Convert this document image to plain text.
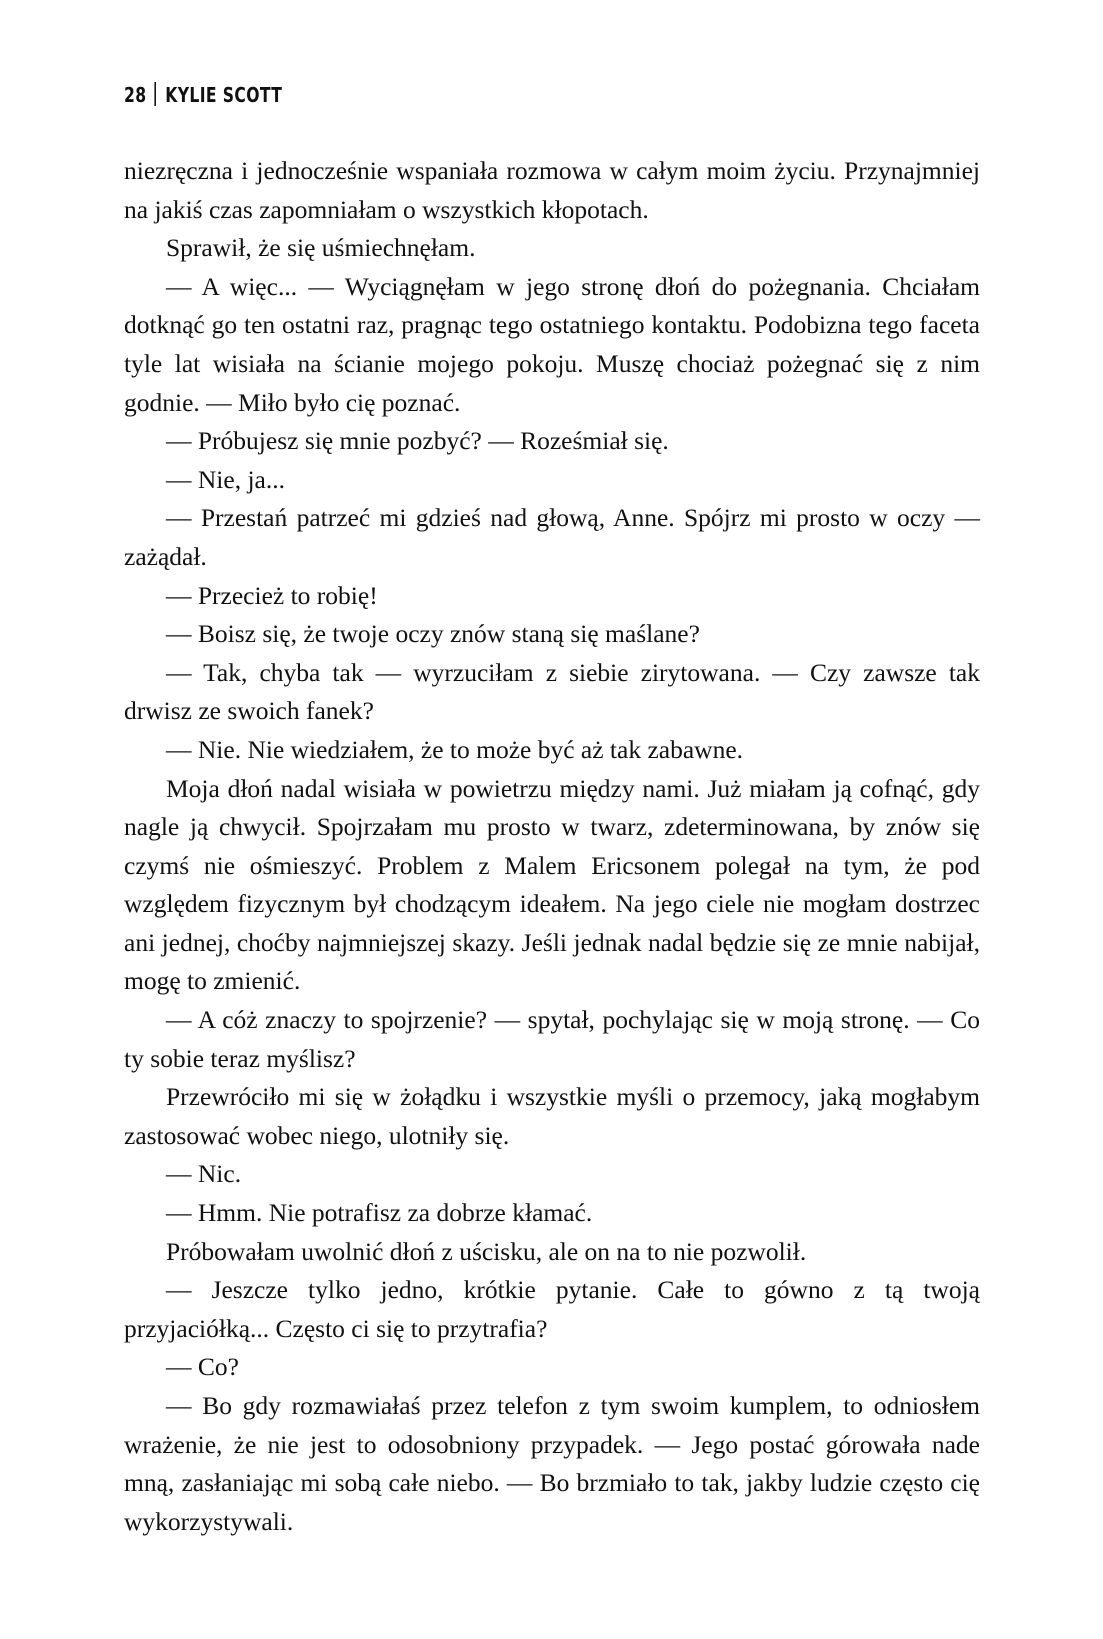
28 KYLIE SCOTT

niezręczna i jednocześnie wspaniała rozmowa w całym moim życiu. Przynajmniej na jakiś czas zapomniałam o wszystkich kłopotach.

Sprawił, że się uśmiechnęłam.

— A więc... — Wyciągnęłam w jego stronę dłoń do pożegnania. Chciałam dotknąć go ten ostatni raz, pragnąc tego ostatniego kontaktu. Podobizna tego faceta tyle lat wisiała na ścianie mojego pokoju. Muszę chociaż pożegnać się z nim godnie. — Miło było cię poznać.

— Próbujesz się mnie pozbyć? — Roześmiał się.

— Nie, ja...

— Przestań patrzeć mi gdzieś nad głową, Anne. Spójrz mi prosto w oczy — zażądał.

— Przecież to robię!

— Boisz się, że twoje oczy znów staną się maślane?

— Tak, chyba tak — wyrzuciłam z siebie zirytowana. — Czy zawsze tak drwisz ze swoich fanek?

— Nie. Nie wiedziałem, że to może być aż tak zabawne.

Moja dłoń nadal wisiała w powietrzu między nami. Już miałam ją cofnąć, gdy nagle ją chwycił. Spojrzałam mu prosto w twarz, zdeterminowana, by znów się czymś nie ośmieszyć. Problem z Malem Ericsonem polegał na tym, że pod względem fizycznym był chodzącym ideałem. Na jego ciele nie mogłam dostrzec ani jednej, choćby najmniejszej skazy. Jeśli jednak nadal będzie się ze mnie nabijał, mogę to zmienić.

— A cóż znaczy to spojrzenie? — spytał, pochylając się w moją stronę. — Co ty sobie teraz myślisz?

Przewróciło mi się w żołądku i wszystkie myśli o przemocy, jaką mogłabym zastosować wobec niego, ulotniły się.

— Nic.

— Hmm. Nie potrafisz za dobrze kłamać.

Próbowałam uwolnić dłoń z uścisku, ale on na to nie pozwolił.

— Jeszcze tylko jedno, krótkie pytanie. Całe to gówno z tą twoją przyjaciółką... Często ci się to przytrafia?

— Co?

— Bo gdy rozmawiałaś przez telefon z tym swoim kumplem, to odniosłem wrażenie, że nie jest to odosobniony przypadek. — Jego postać górowała nade mną, zasłaniając mi sobą całe niebo. — Bo brzmiało to tak, jakby ludzie często cię wykorzystywali.
